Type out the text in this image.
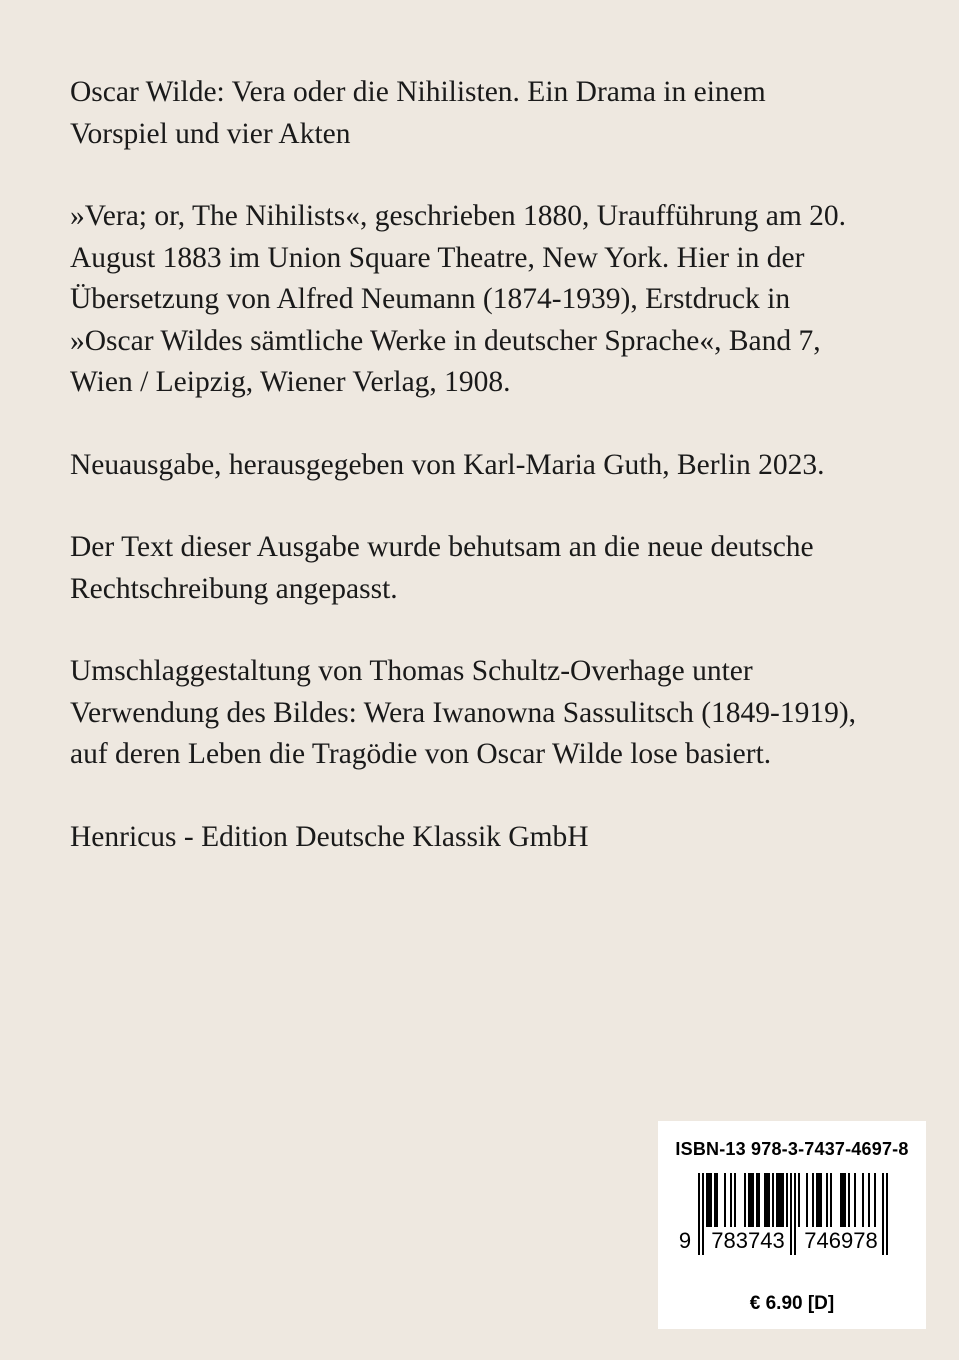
Oscar Wilde: Vera oder die Nihilisten. Ein Drama in einem
Vorspiel und vier Akten

»Vera; or, The Nihilists«, geschrieben 1880, Uraufführung am 20.
August 1883 im Union Square Theatre, New York. Hier in der
Übersetzung von Alfred Neumann (1874-1939), Erstdruck in
»Oscar Wildes sämtliche Werke in deutscher Sprache«, Band 7,
Wien / Leipzig, Wiener Verlag, 1908.

Neuausgabe, herausgegeben von Karl-Maria Guth, Berlin 2023.

Der Text dieser Ausgabe wurde behutsam an die neue deutsche
Rechtschreibung angepasst.

Umschlaggestaltung von Thomas Schultz-Overhage unter
Verwendung des Bildes: Wera Iwanowna Sassulitsch (1849-1919),
auf deren Leben die Tragödie von Oscar Wilde lose basiert.

Henricus - Edition Deutsche Klassik GmbH

ISBN-13 978-3-7437-4697-8
9 783743 746978
€ 6.90 [D]
